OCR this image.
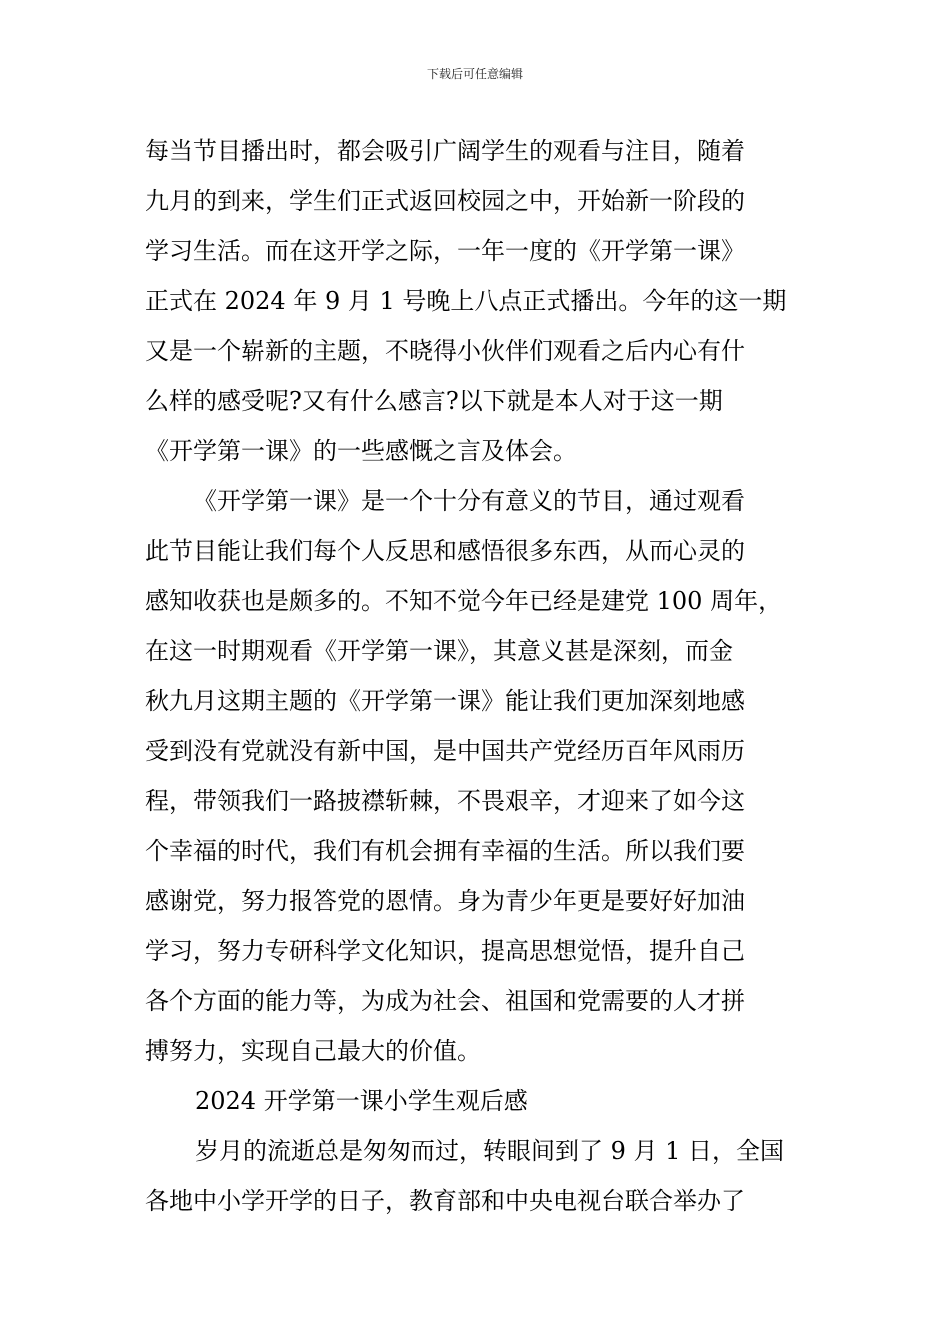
下载后可任意编辑
每当节目播出时，都会吸引广阔学生的观看与注目，随着
九月的到来，学生们正式返回校园之中，开始新一阶段的
学习生活。而在这开学之际，一年一度的《开学第一课》
正式在 2024 年 9 月 1 号晚上八点正式播出。今年的这一期
又是一个崭新的主题，不晓得小伙伴们观看之后内心有什
么样的感受呢?又有什么感言?以下就是本人对于这一期
《开学第一课》的一些感慨之言及体会。
《开学第一课》是一个十分有意义的节目，通过观看
此节目能让我们每个人反思和感悟很多东西，从而心灵的
感知收获也是颇多的。不知不觉今年已经是建党 100 周年，
在这一时期观看《开学第一课》，其意义甚是深刻，而金
秋九月这期主题的《开学第一课》能让我们更加深刻地感
受到没有党就没有新中国，是中国共产党经历百年风雨历
程，带领我们一路披襟斩棘，不畏艰辛，才迎来了如今这
个幸福的时代，我们有机会拥有幸福的生活。所以我们要
感谢党，努力报答党的恩情。身为青少年更是要好好加油
学习，努力专研科学文化知识，提高思想觉悟，提升自己
各个方面的能力等，为成为社会、祖国和党需要的人才拼
搏努力，实现自己最大的价值。
2024 开学第一课小学生观后感
岁月的流逝总是匆匆而过，转眼间到了 9 月 1 日，全国
各地中小学开学的日子，教育部和中央电视台联合举办了
